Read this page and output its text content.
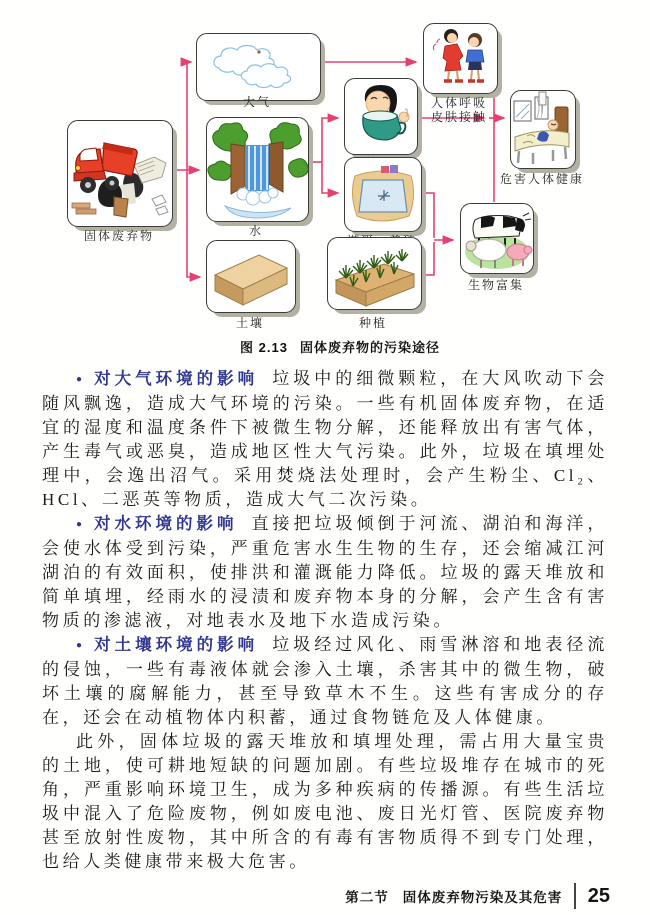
固体废弃物
大气
水
土壤	种植
人体呼吸
皮肤接触
危害人体健康
生物富集
图 2.13 固体废弃物的污染途径

● 对大气环境的影响 垃圾中的细微颗粒，在大风吹动下会随风飘逸，造成大气环境的污染。一些有机固体废弃物，在适宜的湿度和温度条件下被微生物分解，还能释放出有害气体，产生毒气或恶臭，造成地区性大气污染。此外，垃圾在填埋处理中，会逸出沼气。采用焚烧法处理时，会产生粉尘、Cl₂、HCl、二恶英等物质，造成大气二次污染。

● 对水环境的影响 直接把垃圾倾倒于河流、湖泊和海洋，会使水体受到污染，严重危害水生生物的生存，还会缩减江河湖泊的有效面积，使排洪和灌溉能力降低。垃圾的露天堆放和简单填埋，经雨水的浸渍和废弃物本身的分解，会产生含有害物质的渗滤液，对地表水及地下水造成污染。

● 对土壤环境的影响 垃圾经过风化、雨雪淋溶和地表径流的侵蚀，一些有毒液体就会渗入土壤，杀害其中的微生物，破坏土壤的腐解能力，甚至导致草木不生。这些有害成分的存在，还会在动植物体内积蓄，通过食物链危及人体健康。

此外，固体垃圾的露天堆放和填埋处理，需占用大量宝贵的土地，使可耕地短缺的问题加剧。有些垃圾堆存在城市的死角，严重影响环境卫生，成为多种疾病的传播源。有些生活垃圾中混入了危险废物，例如废电池、废日光灯管、医院废弃物甚至放射性废物，其中所含的有毒有害物质得不到专门处理，也给人类健康带来极大危害。

第二节 固体废弃物污染及其危害 25
